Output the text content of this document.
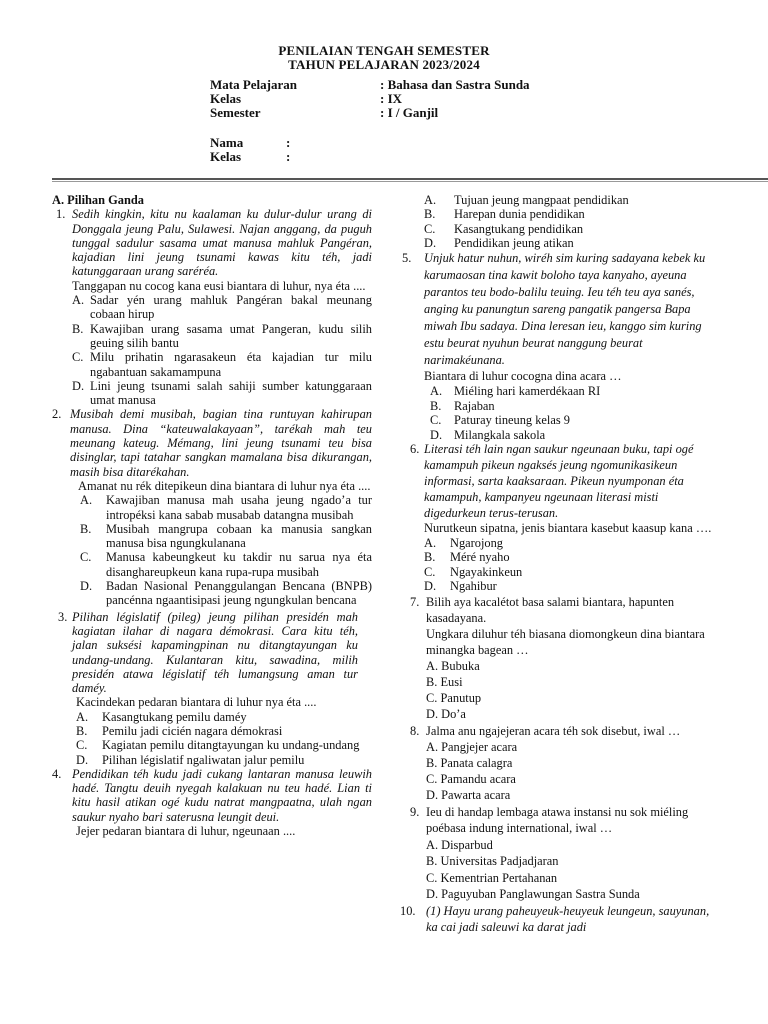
PENILAIAN TENGAH SEMESTER
TAHUN PELAJARAN 2023/2024
Mata Pelajaran	: Bahasa dan Sastra Sunda
Kelas	: IX
Semester	: I / Ganjil
Nama	:
Kelas	:
A. Pilihan Ganda
1. Sedih kingkin, kitu nu kaalaman ku dulur-dulur urang di Donggala jeung Palu, Sulawesi. Najan anggang, da puguh tunggal sadulur sasama umat manusa mahluk Pangéran, kajadian lini jeung tsunami kawas kitu téh, jadi katunggaraan urang saréréa.
Tanggapan nu cocog kana eusi biantara di luhur, nya éta ....
A. Sadar yén urang mahluk Pangéran bakal meunang cobaan hirup
B. Kawajiban urang sasama umat Pangeran, kudu silih geuing silih bantu
C. Milu prihatin ngarasakeun éta kajadian tur milu ngabantuan sakamampuna
D. Lini jeung tsunami salah sahiji sumber katunggaraan umat manusa
2. Musibah demi musibah, bagian tina runtuyan kahirupan manusa. Dina “kateuwalakayaan”, tarékah mah teu meunang kateug. Mémang, lini jeung tsunami teu bisa disinglar, tapi tatahar sangkan mamalana bisa dikurangan, masih bisa ditarékahan.
Amanat nu rék ditepikeun dina biantara di luhur nya éta ....
A. Kawajiban manusa mah usaha jeung ngado’a tur intropéksi kana sabab musabab datangna musibah
B. Musibah mangrupa cobaan ka manusia sangkan manusa bisa ngungkulanana
C. Manusa kabeungkeut ku takdir nu sarua nya éta disanghareupkeun kana rupa-rupa musibah
D. Badan Nasional Penanggulangan Bencana (BNPB) pancénna ngaantisipasi jeung ngungkulan bencana
3. Pilihan législatif (pileg) jeung pilihan presidén mah kagiatan ilahar di nagara démokrasi. Cara kitu téh, jalan suksési kapamingpinan nu ditangtayungan ku undang-undang. Kulantaran kitu, sawadina, milih presidén atawa législatif téh lumangsung aman tur daméy.
Kacindekan pedaran biantara di luhur nya éta ....
A. Kasangtukang pemilu daméy
B. Pemilu jadi cicién nagara démokrasi
C. Kagiatan pemilu ditangtayungan ku undang-undang
D. Pilihan législatif ngaliwatan jalur pemilu
4. Pendidikan téh kudu jadi cukang lantaran manusa leuwih hadé. Tangtu deuih nyegah kalakuan nu teu hadé. Lian ti kitu hasil atikan ogé kudu natrat mangpaatna, ulah ngan saukur nyaho bari saterusna leungit deui.
Jejer pedaran biantara di luhur, ngeunaan ....
A. Tujuan jeung mangpaat pendidikan
B. Harepan dunia pendidikan
C. Kasangtukang pendidikan
D. Pendidikan jeung atikan
5. Unjuk hatur nuhun, wiréh sim kuring sadayana kebek ku karumaosan tina kawit boloho taya kanyaho, ayeuna parantos teu bodo-balilu teuing. Ieu téh teu aya sanés, anging ku panungtun sareng pangatik pangersa Bapa miwah Ibu sadaya. Dina leresan ieu, kanggo sim kuring estu beurat nyuhun beurat nanggung beurat narimakéunana.
Biantara di luhur cocogna dina acara …
A. Miéling hari kamerdékaan RI
B. Rajaban
C. Paturay tineung kelas 9
D. Milangkala sakola
6. Literasi téh lain ngan saukur ngeunaan buku, tapi ogé kamampuh pikeun ngaksés jeung ngomunikasikeun informasi, sarta kaaksaraan. Pikeun nyumponan éta kamampuh, kampanyeu ngeunaan literasi misti digedurkeun terus-terusan.
Nurutkeun sipatna, jenis biantara kasebut kaasup kana ….
A. Ngarojong
B. Méré nyaho
C. Ngayakinkeun
D. Ngahibur
7. Bilih aya kacalétot basa salami biantara, hapunten kasadayana.
Ungkara diluhur téh biasana diomongkeun dina biantara minangka bagean …
A. Bubuka
B. Eusi
C. Panutup
D. Do’a
8. Jalma anu ngajejeran acara téh sok disebut, iwal …
A. Pangjejer acara
B. Panata calagra
C. Pamandu acara
D. Pawarta acara
9. Ieu di handap lembaga atawa instansi nu sok miéling poébasa indung international, iwal …
A. Disparbud
B. Universitas Padjadjaran
C. Kementrian Pertahanan
D. Paguyuban Panglawungan Sastra Sunda
10. (1) Hayu urang paheuyeuk-heuyeuk leungeun, sauyunan, ka cai jadi saleuwi ka darat jadi
